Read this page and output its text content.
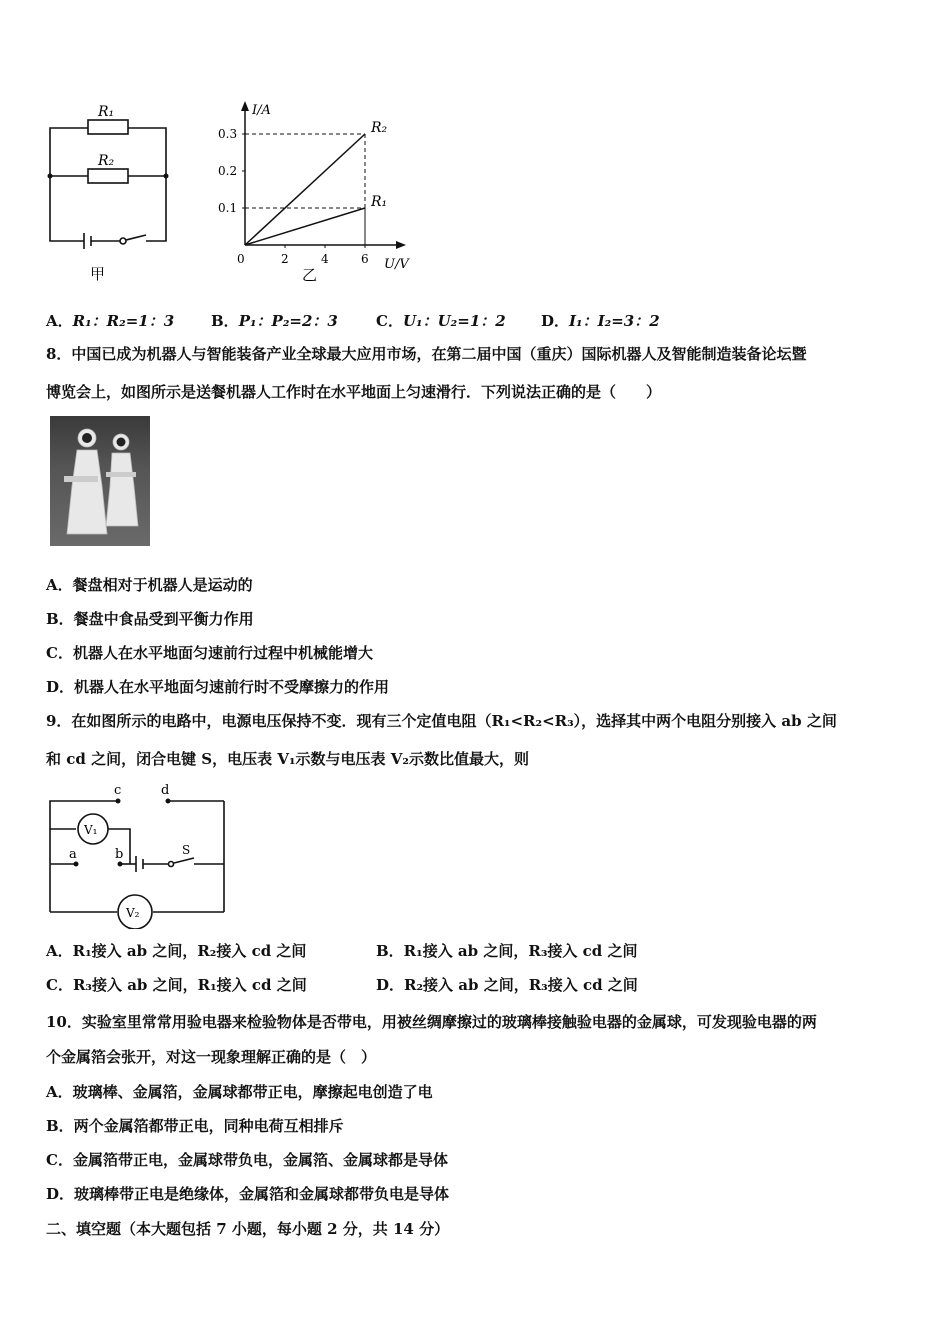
R₁
R₂
甲
0.3
0.2
0.1
0	2	4	6
R₂
R₁
I/A
U/V
乙
A．R₁：R₂=1：3 B．P₁：P₂=2：3	C．U₁：U₂=1：2 D．I₁：I₂=3：2
8．中国已成为机器人与智能装备产业全球最大应用市场，在第二届中国（重庆）国际机器人及智能制造装备论坛暨
博览会上，如图所示是送餐机器人工作时在水平地面上匀速滑行．下列说法正确的是（　　）
A．餐盘相对于机器人是运动的
B．餐盘中食品受到平衡力作用
C．机器人在水平地面匀速前行过程中机械能增大
D．机器人在水平地面匀速前行时不受摩擦力的作用
9．在如图所示的电路中，电源电压保持不变．现有三个定值电阻（R₁<R₂<R₃），选择其中两个电阻分别接入 ab 之间
和 cd 之间，闭合电键 S，电压表 V₁示数与电压表 V₂示数比值最大，则
c	d
a	b	S
V₁
V₂
A．R₁接入 ab 之间，R₂接入 cd 之间	B．R₁接入 ab 之间，R₃接入 cd 之间
C．R₃接入 ab 之间，R₁接入 cd 之间	D．R₂接入 ab 之间，R₃接入 cd 之间
10．实验室里常常用验电器来检验物体是否带电，用被丝绸摩擦过的玻璃棒接触验电器的金属球，可发现验电器的两
个金属箔会张开，对这一现象理解正确的是（　）
A．玻璃棒、金属箔，金属球都带正电，摩擦起电创造了电
B．两个金属箔都带正电，同种电荷互相排斥
C．金属箔带正电，金属球带负电，金属箔、金属球都是导体
D．玻璃棒带正电是绝缘体，金属箔和金属球都带负电是导体
二、填空题（本大题包括 7 小题，每小题 2 分，共 14 分）
